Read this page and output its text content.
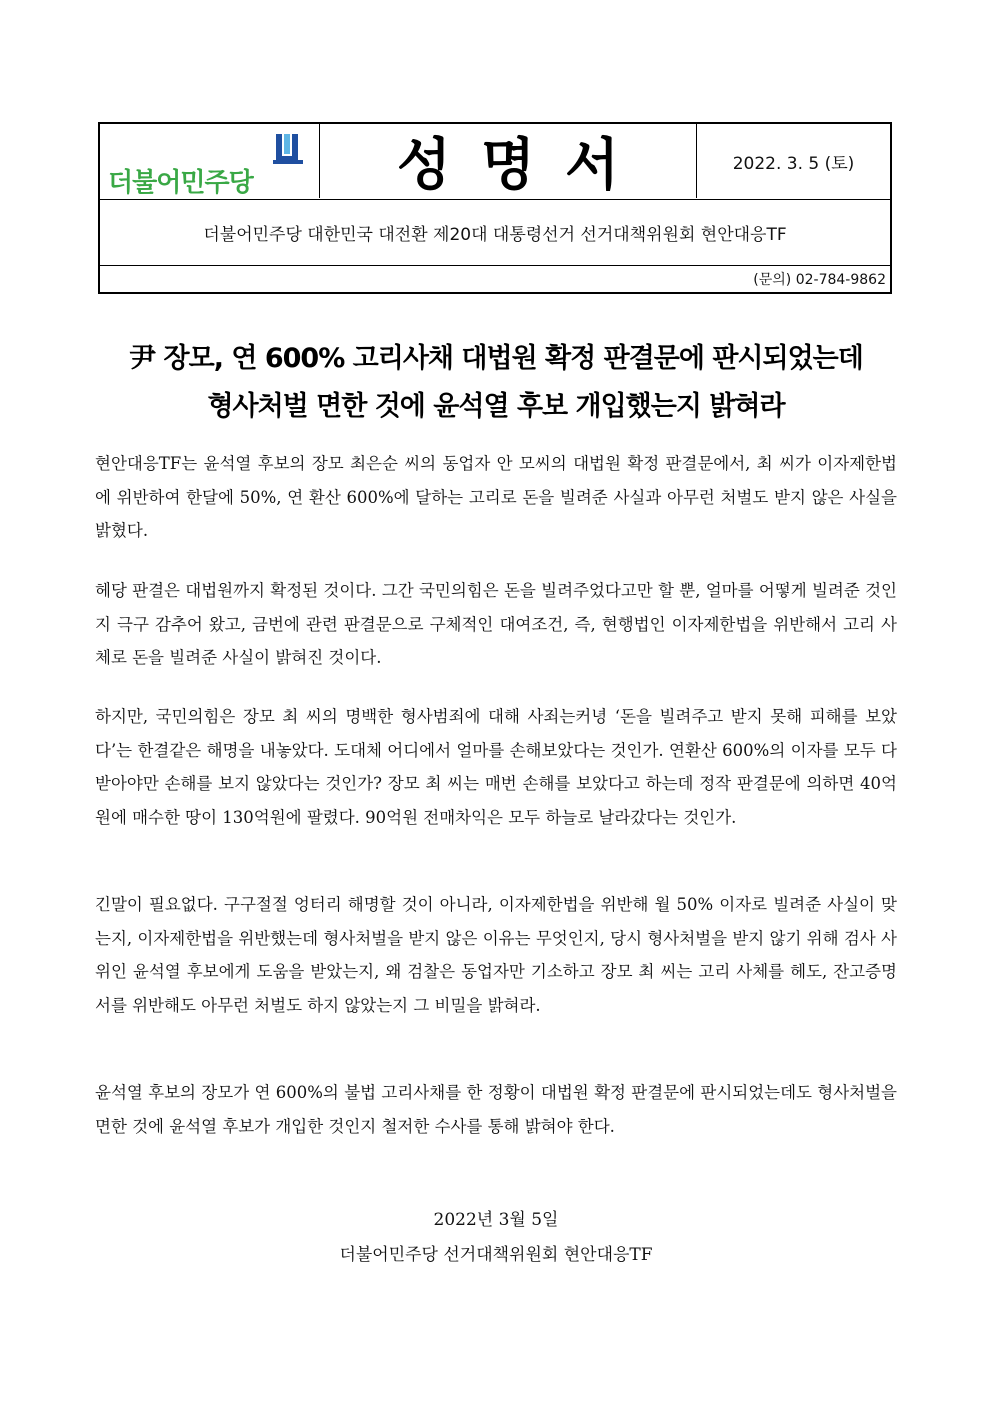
더불어민주당	성명서	2022. 3. 5 (토)
더불어민주당 대한민국 대전환 제20대 대통령선거 선거대책위원회 현안대응TF
(문의) 02-784-9862
尹 장모, 연 600% 고리사채 대법원 확정 판결문에 판시되었는데
형사처벌 면한 것에 윤석열 후보 개입했는지 밝혀라

현안대응TF는 윤석열 후보의 장모 최은순 씨의 동업자 안 모씨의 대법원 확정 판결문에서, 최 씨가 이자제한법에 위반하여 한달에 50%, 연 환산 600%에 달하는 고리로 돈을 빌려준 사실과 아무런 처벌도 받지 않은 사실을 밝혔다.

헤당 판결은 대법원까지 확정된 것이다. 그간 국민의힘은 돈을 빌려주었다고만 할 뿐, 얼마를 어떻게 빌려준 것인지 극구 감추어 왔고, 금번에 관련 판결문으로 구체적인 대여조건, 즉, 현행법인 이자제한법을 위반해서 고리 사체로 돈을 빌려준 사실이 밝혀진 것이다.

하지만, 국민의힘은 장모 최 씨의 명백한 형사범죄에 대해 사죄는커녕 ‘돈을 빌려주고 받지 못해 피해를 보았다’는 한결같은 해명을 내놓았다. 도대체 어디에서 얼마를 손해보았다는 것인가. 연환산 600%의 이자를 모두 다 받아야만 손해를 보지 않았다는 것인가? 장모 최 씨는 매번 손해를 보았다고 하는데 정작 판결문에 의하면 40억원에 매수한 땅이 130억원에 팔렸다. 90억원 전매차익은 모두 하늘로 날라갔다는 것인가.

긴말이 필요없다. 구구절절 엉터리 해명할 것이 아니라, 이자제한법을 위반해 월 50% 이자로 빌려준 사실이 맞는지, 이자제한법을 위반했는데 형사처벌을 받지 않은 이유는 무엇인지, 당시 형사처벌을 받지 않기 위해 검사 사위인 윤석열 후보에게 도움을 받았는지, 왜 검찰은 동업자만 기소하고 장모 최 씨는 고리 사체를 헤도, 잔고증명서를 위반해도 아무런 처벌도 하지 않았는지 그 비밀을 밝혀라.

윤석열 후보의 장모가 연 600%의 불법 고리사채를 한 정황이 대법원 확정 판결문에 판시되었는데도 형사처벌을 면한 것에 윤석열 후보가 개입한 것인지 철저한 수사를 통해 밝혀야 한다.

2022년 3월 5일
더불어민주당 선거대책위원회 현안대응TF
